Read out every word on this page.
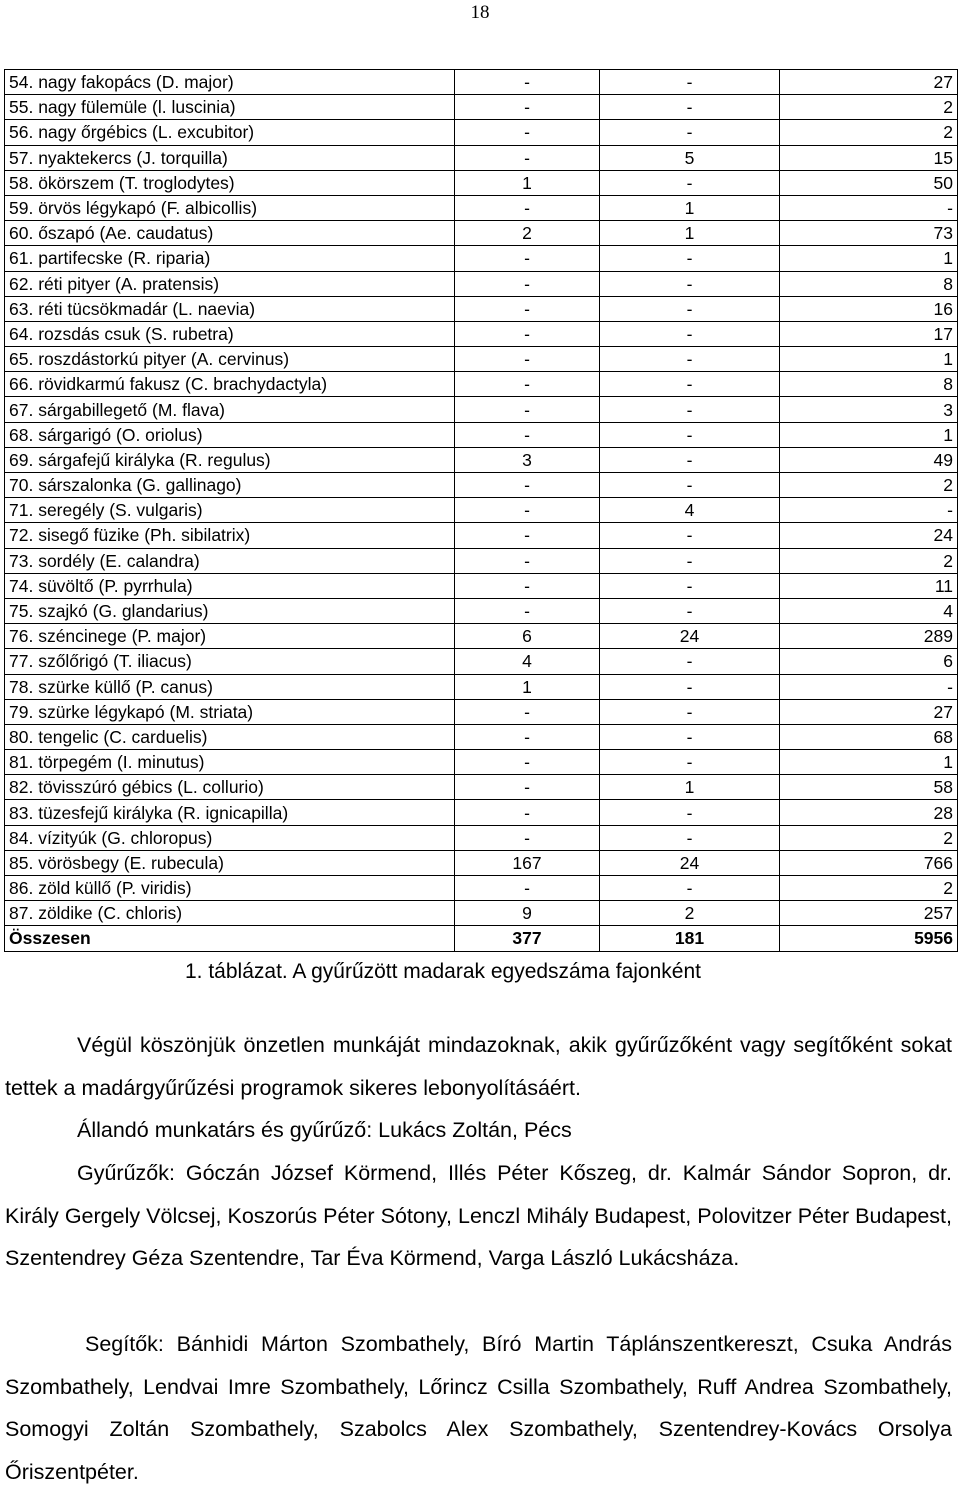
18
54. nagy fakopács (D. major)	-	-	27
55. nagy fülemüle (l. luscinia)	-	-	2
56. nagy őrgébics (L. excubitor)	-	-	2
57. nyaktekercs (J. torquilla)	-	5	15
58. ökörszem (T. troglodytes)	1	-	50
59. örvös légykapó (F. albicollis)	-	1	-
60. őszapó (Ae. caudatus)	2	1	73
61. partifecske (R. riparia)	-	-	1
62. réti pityer (A. pratensis)	-	-	8
63. réti tücsökmadár (L. naevia)	-	-	16
64. rozsdás csuk (S. rubetra)	-	-	17
65. roszdástorkú pityer (A. cervinus)	-	-	1
66. rövidkarmú fakusz (C. brachydactyla)	-	-	8
67. sárgabillegető (M. flava)	-	-	3
68. sárgarigó (O. oriolus)	-	-	1
69. sárgafejű királyka (R. regulus)	3	-	49
70. sárszalonka (G. gallinago)	-	-	2
71. seregély (S. vulgaris)	-	4	-
72. sisegő füzike (Ph. sibilatrix)	-	-	24
73. sordély (E. calandra)	-	-	2
74. süvöltő (P. pyrrhula)	-	-	11
75. szajkó (G. glandarius)	-	-	4
76. széncinege (P. major)	6	24	289
77. szőlőrigó (T. iliacus)	4	-	6
78. szürke küllő (P. canus)	1	-	-
79. szürke légykapó (M. striata)	-	-	27
80. tengelic (C. carduelis)	-	-	68
81. törpegém (I. minutus)	-	-	1
82. tövisszúró gébics (L. collurio)	-	1	58
83. tüzesfejű királyka (R. ignicapilla)	-	-	28
84. vízityúk (G. chloropus)	-	-	2
85. vörösbegy (E. rubecula)	167	24	766
86. zöld küllő (P. viridis)	-	-	2
87. zöldike (C. chloris)	9	2	257
Összesen	377	181	5956
1. táblázat. A gyűrűzött madarak egyedszáma fajonként
Végül köszönjük önzetlen munkáját mindazoknak, akik gyűrűzőként vagy segítőként sokat tettek a madárgyűrűzési programok sikeres lebonyolításáért.
Állandó munkatárs és gyűrűző: Lukács Zoltán, Pécs
Gyűrűzők: Góczán József Körmend, Illés Péter Kőszeg, dr. Kalmár Sándor Sopron, dr. Király Gergely Völcsej, Koszorús Péter Sótony, Lenczl Mihály Budapest, Polovitzer Péter Budapest, Szentendrey Géza Szentendre, Tar Éva Körmend, Varga László Lukácsháza.
Segítők: Bánhidi Márton Szombathely, Bíró Martin Táplánszentkereszt, Csuka András Szombathely, Lendvai Imre Szombathely, Lőrincz Csilla Szombathely, Ruff Andrea Szombathely, Somogyi Zoltán Szombathely, Szabolcs Alex Szombathely, Szentendrey-Kovács Orsolya Őriszentpéter.
